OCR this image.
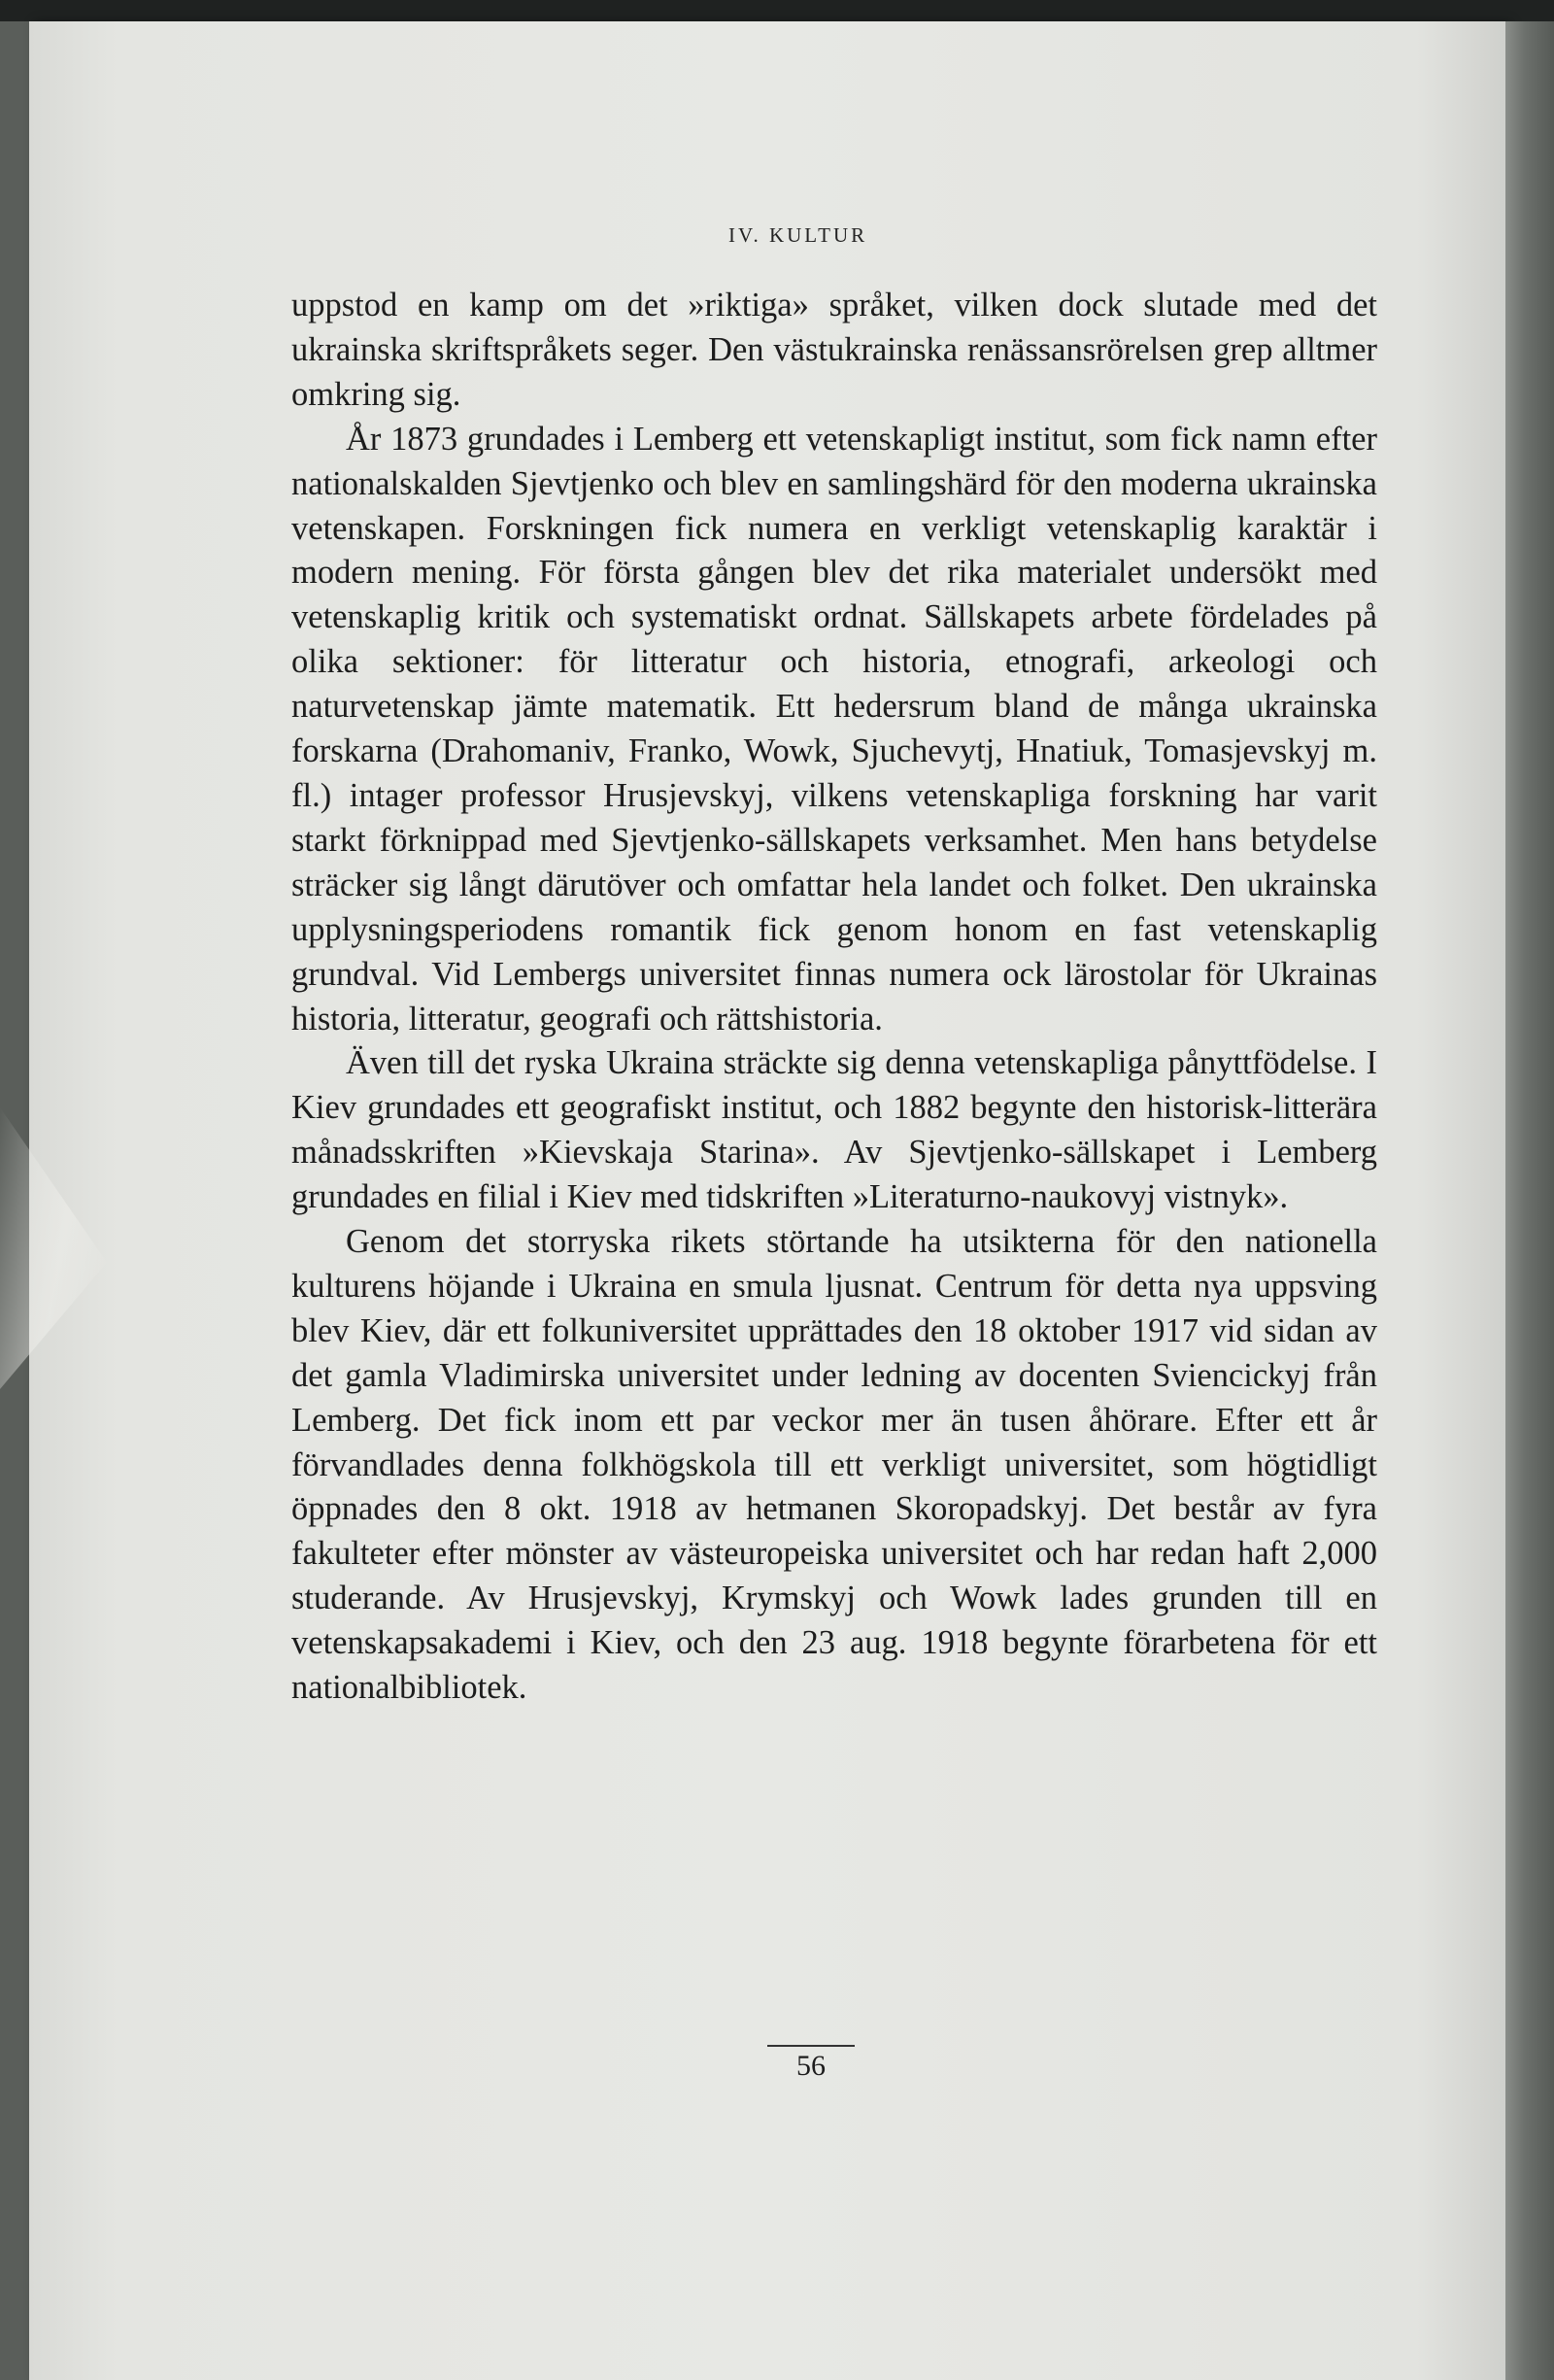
IV. KULTUR

uppstod en kamp om det »riktiga» språket, vilken dock slutade med det ukrainska skriftspråkets seger. Den västukrainska renässansrörelsen grep alltmer omkring sig.

År 1873 grundades i Lemberg ett vetenskapligt institut, som fick namn efter nationalskalden Sjevtjenko och blev en samlingshärd för den moderna ukrainska vetenskapen. Forskningen fick numera en verkligt vetenskaplig karaktär i modern mening. För första gången blev det rika materialet undersökt med vetenskaplig kritik och systematiskt ordnat. Sällskapets arbete fördelades på olika sektioner: för litteratur och historia, etnografi, arkeologi och naturvetenskap jämte matematik. Ett hedersrum bland de många ukrainska forskarna (Drahomaniv, Franko, Wowk, Sjuchevytj, Hnatiuk, Tomasjevskyj m. fl.) intager professor Hrusjevskyj, vilkens vetenskapliga forskning har varit starkt förknippad med Sjevtjenko-sällskapets verksamhet. Men hans betydelse sträcker sig långt därutöver och omfattar hela landet och folket. Den ukrainska upplysningsperiodens romantik fick genom honom en fast vetenskaplig grundval. Vid Lembergs universitet finnas numera ock lärostolar för Ukrainas historia, litteratur, geografi och rättshistoria.

Även till det ryska Ukraina sträckte sig denna vetenskapliga pånyttfödelse. I Kiev grundades ett geografiskt institut, och 1882 begynte den historisk-litterära månadsskriften »Kievskaja Starina». Av Sjevtjenko-sällskapet i Lemberg grundades en filial i Kiev med tidskriften »Literaturno-naukovyj vistnyk».

Genom det storryska rikets störtande ha utsikterna för den nationella kulturens höjande i Ukraina en smula ljusnat. Centrum för detta nya uppsving blev Kiev, där ett folkuniversitet upprättades den 18 oktober 1917 vid sidan av det gamla Vladimirska universitet under ledning av docenten Sviencickyj från Lemberg. Det fick inom ett par veckor mer än tusen åhörare. Efter ett år förvandlades denna folkhögskola till ett verkligt universitet, som högtidligt öppnades den 8 okt. 1918 av hetmanen Skoropadskyj. Det består av fyra fakulteter efter mönster av västeuropeiska universitet och har redan haft 2,000 studerande. Av Hrusjevskyj, Krymskyj och Wowk lades grunden till en vetenskapsakademi i Kiev, och den 23 aug. 1918 begynte förarbetena för ett nationalbibliotek.

56
